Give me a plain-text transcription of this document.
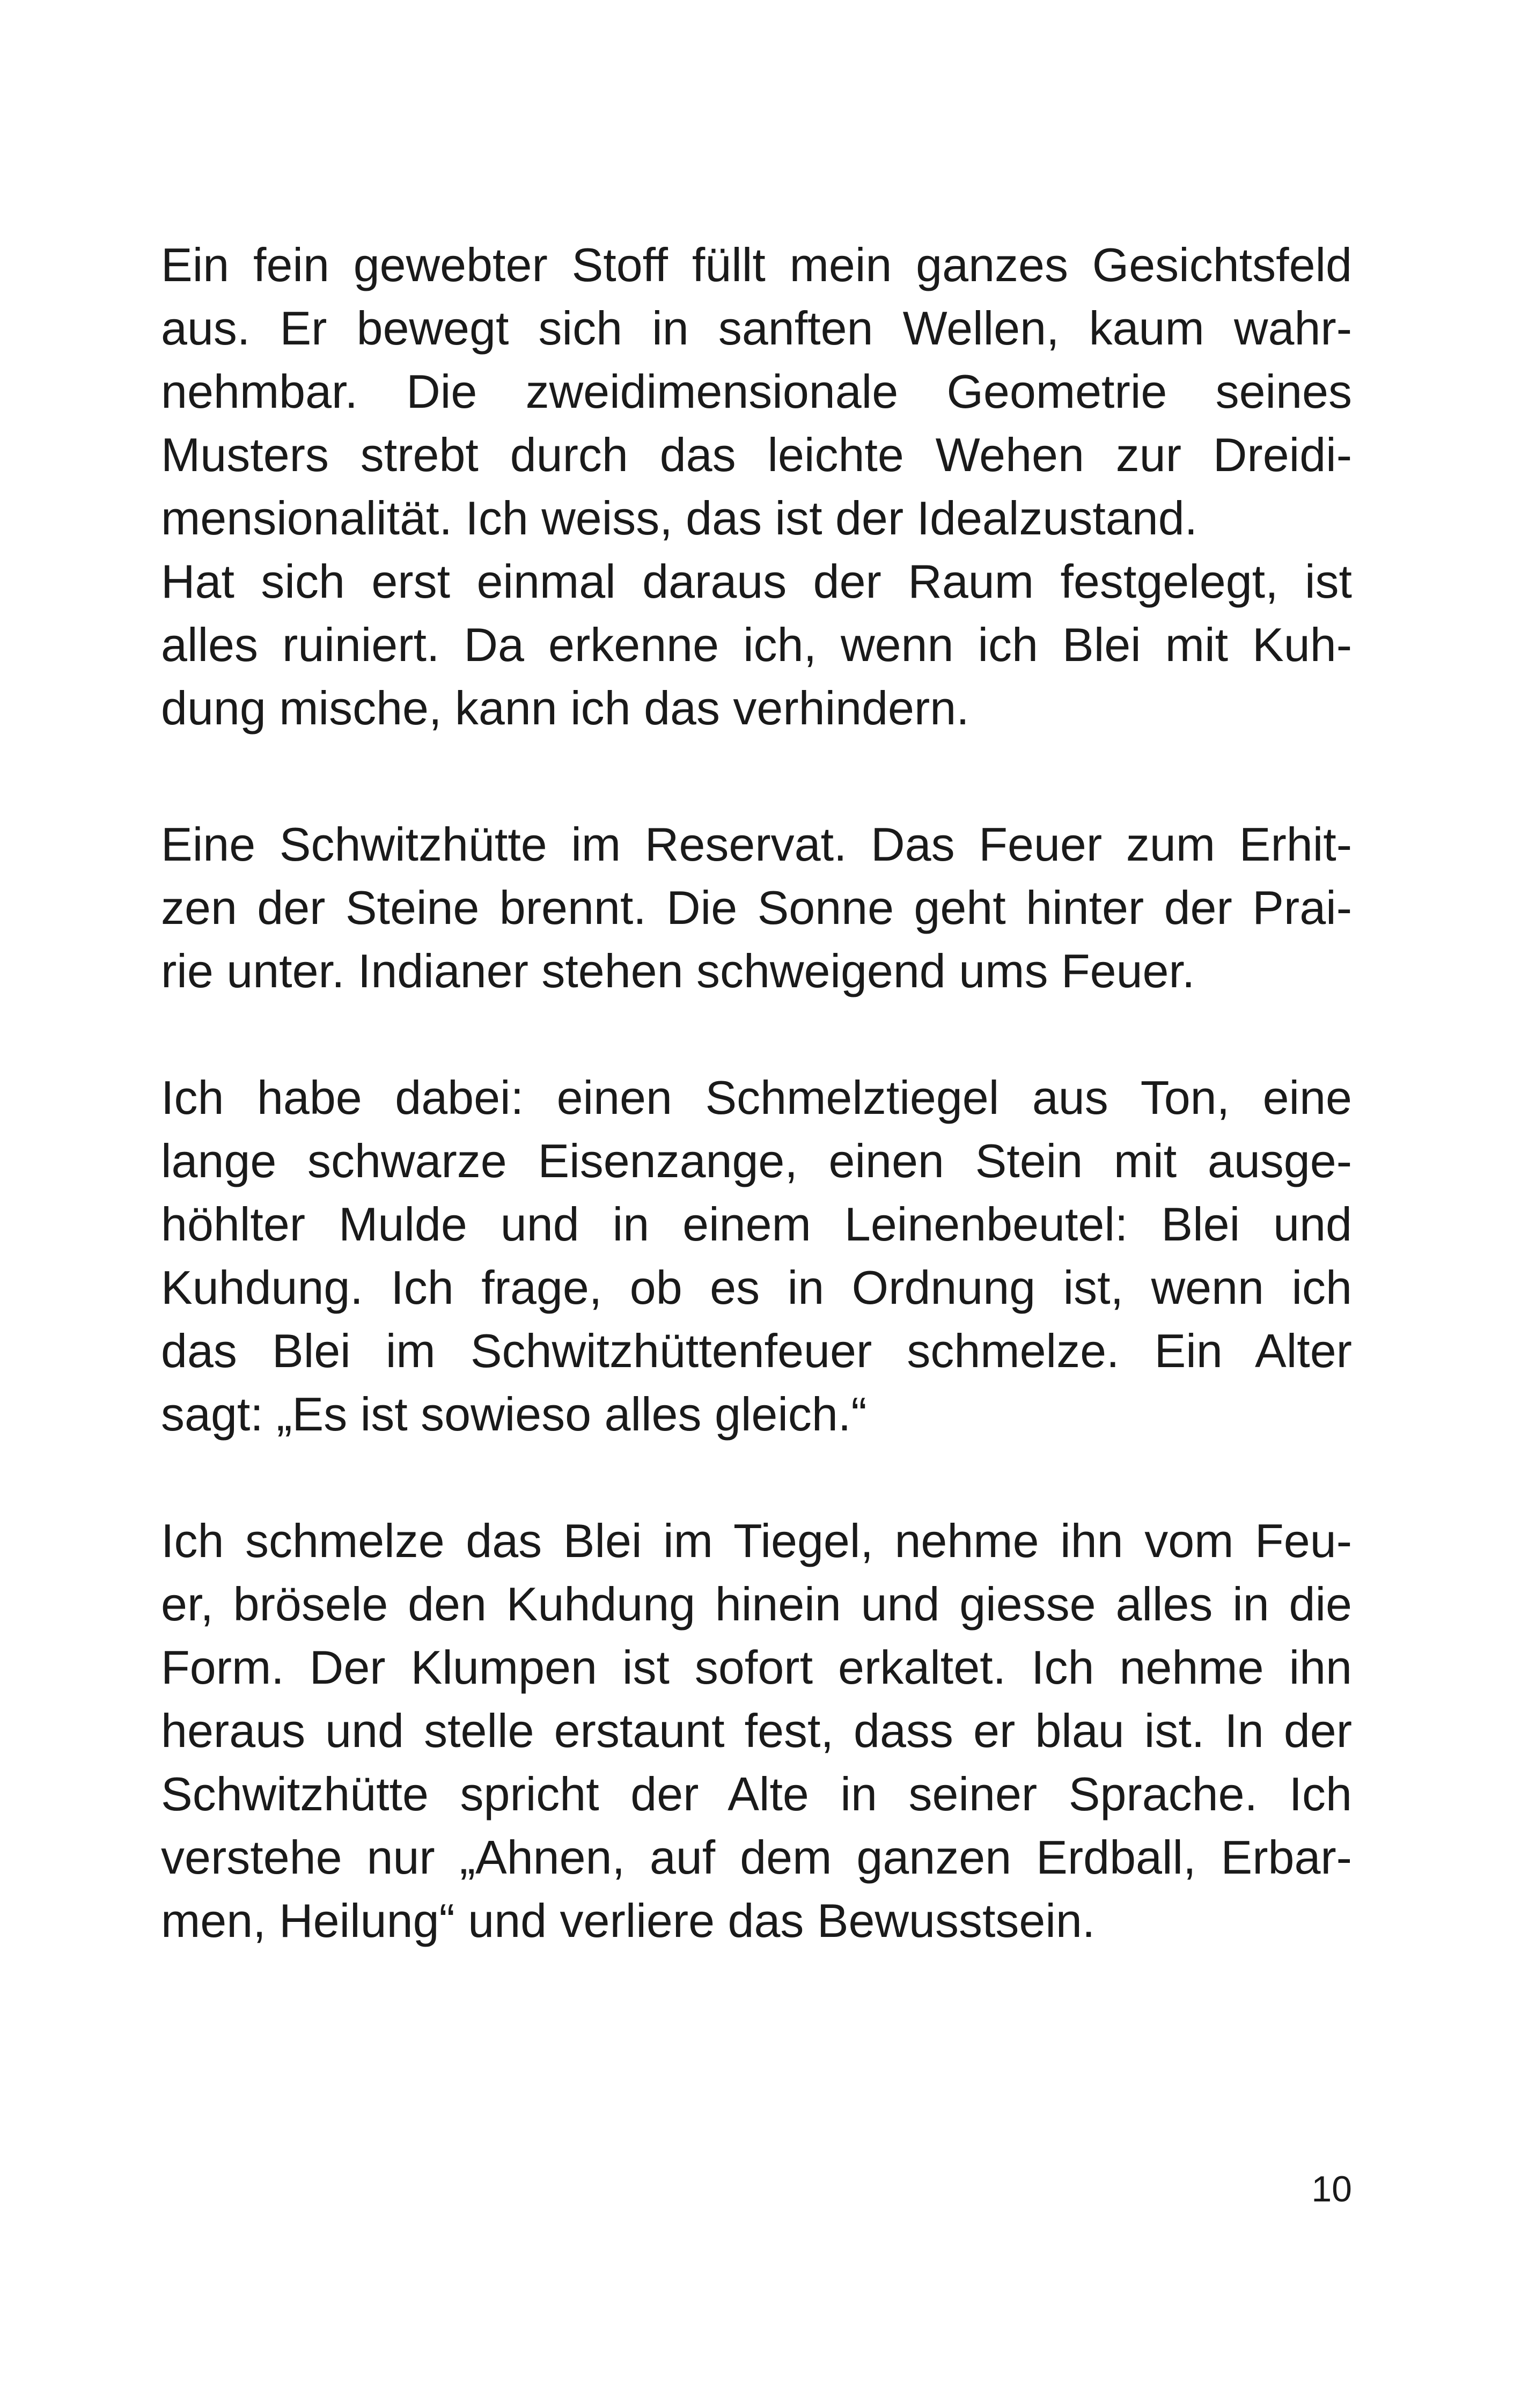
Ein fein gewebter Stoff füllt mein ganzes Gesichtsfeld
aus. Er bewegt sich in sanften Wellen, kaum wahr-
nehmbar. Die zweidimensionale Geometrie seines
Musters strebt durch das leichte Wehen zur Dreidi-
mensionalität. Ich weiss, das ist der Idealzustand.
Hat sich erst einmal daraus der Raum festgelegt, ist
alles ruiniert. Da erkenne ich, wenn ich Blei mit Kuh-
dung mische, kann ich das verhindern.
Eine Schwitzhütte im Reservat. Das Feuer zum Erhit-
zen der Steine brennt. Die Sonne geht hinter der Prai-
rie unter. Indianer stehen schweigend ums Feuer.
Ich habe dabei: einen Schmelztiegel aus Ton, eine
lange schwarze Eisenzange, einen Stein mit ausge-
höhlter Mulde und in einem Leinenbeutel: Blei und
Kuhdung. Ich frage, ob es in Ordnung ist, wenn ich
das Blei im Schwitzhüttenfeuer schmelze. Ein Alter
sagt: „Es ist sowieso alles gleich.“
Ich schmelze das Blei im Tiegel, nehme ihn vom Feu-
er, brösele den Kuhdung hinein und giesse alles in die
Form. Der Klumpen ist sofort erkaltet. Ich nehme ihn
heraus und stelle erstaunt fest, dass er blau ist. In der
Schwitzhütte spricht der Alte in seiner Sprache. Ich
verstehe nur „Ahnen, auf dem ganzen Erdball, Erbar-
men, Heilung“ und verliere das Bewusstsein.
10
